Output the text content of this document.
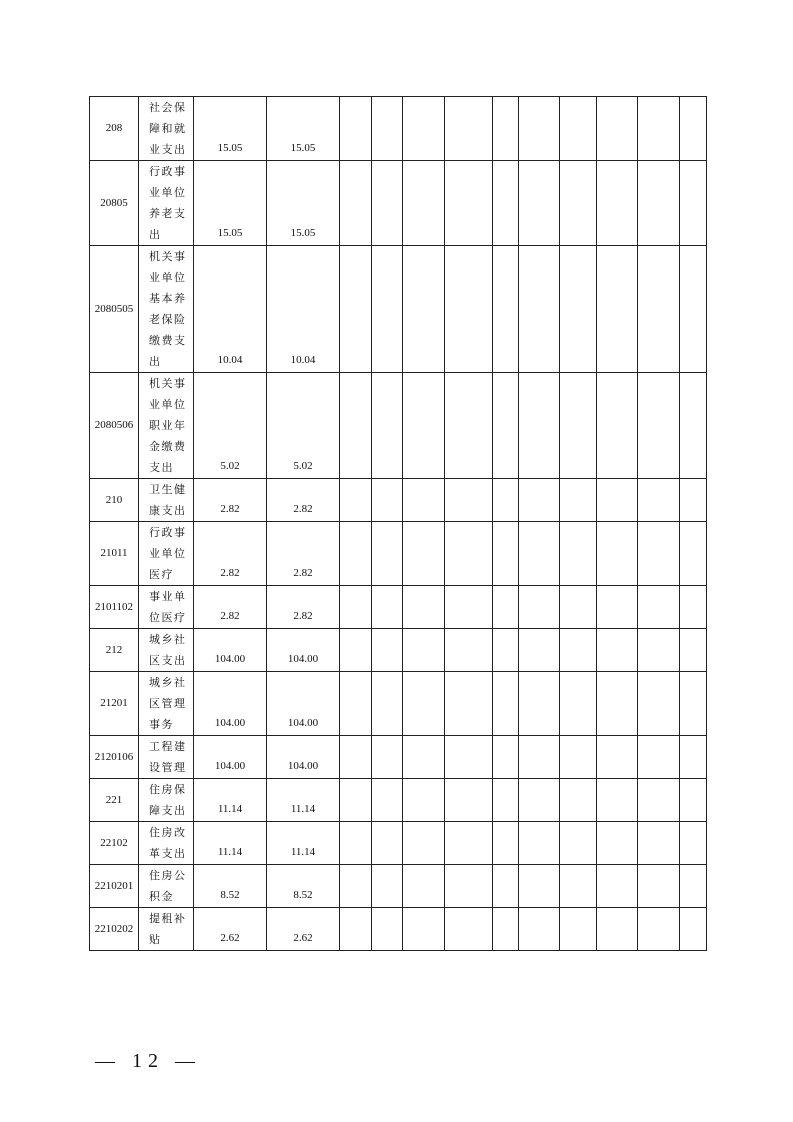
208	社会保障和就业支出	15.05	15.05										

20805	行政事业单位养老支出	15.05	15.05										

2080505	机关事业单位基本养老保险缴费支出	10.04	10.04										

2080506	机关事业单位职业年金缴费支出	5.02	5.02										

210	卫生健康支出	2.82	2.82										

21011	行政事业单位医疗	2.82	2.82										

2101102	事业单位医疗	2.82	2.82										

212	城乡社区支出	104.00	104.00										

21201	城乡社区管理事务	104.00	104.00										

2120106	工程建设管理	104.00	104.00										

221	住房保障支出	11.14	11.14										

22102	住房改革支出	11.14	11.14										

2210201	住房公积金	8.52	8.52										

2210202	提租补贴	2.62	2.62										

— 12 —
